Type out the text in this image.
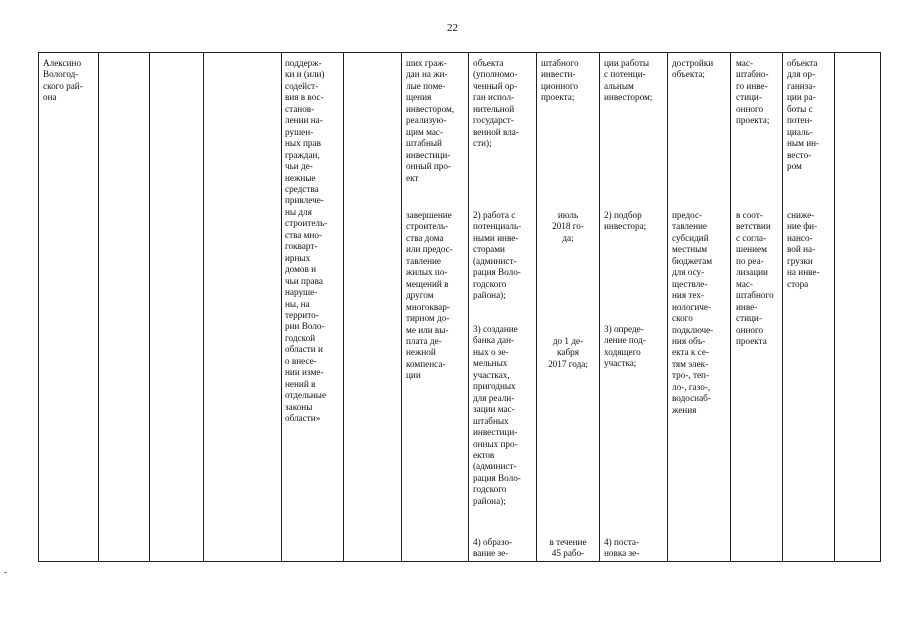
22
Алексино
Вологод-
ского рай-
она
поддерж-
ки и (или)
содейст-
вия в вос-
станов-
лении на-
рушен-
ных прав
граждан,
чьи де-
нежные
средства
привлече-
ны для
строитель-
ства мно-
гокварт-
ирных
домов и
чьи права
наруше-
ны, на
террито-
рии Воло-
годской
области и
о внесе-
нии изме-
нений в
отдельные
законы
области»
ших граж-
дан на жи-
лые поме-
щения
инвестором,
реализую-
щим мас-
штабный
инвестици-
онный про-
ект
завершение
строитель-
ства дома
или предос-
тавление
жилых по-
мещений в
другом
многоквар-
тирном до-
ме или вы-
плата де-
нежной
компенса-
ции
объекта
(уполномо-
ченный ор-
ган испол-
нительной
государст-
венной вла-
сти);
2) работа с
потенциаль-
ными инве-
сторами
(админист-
рация Воло-
годского
района);
3) создание
банка дан-
ных о зе-
мельных
участках,
пригодных
для реали-
зации мас-
штабных
инвестици-
онных про-
ектов
(админист-
рация Воло-
годского
района);
4) образо-
вание зе-
штабного
инвести-
ционного
проекта;
июль
2018 го-
да;
до 1 де-
кабря
2017 года;
в течение
45 рабо-
ции работы
с потенци-
альным
инвестором;
2) подбор
инвестора;
3) опреде-
ление под-
ходящего
участка;
4) поста-
новка зе-
достройки
объекта;
предос-
тавление
субсидий
местным
бюджетам
для осу-
ществле-
ния тех-
нологиче-
ского
подключе-
ния объ-
екта к се-
тям элек-
тро-, теп-
ло-, газо-,
водоснаб-
жения
мас-
штабно-
го инве-
стици-
онного
проекта;
в соот-
ветствии
с согла-
шением
по реа-
лизации
мас-
штабного
инве-
стици-
онного
проекта
объекта
для ор-
ганиза-
ции ра-
боты с
потен-
циаль-
ным ин-
весто-
ром
сниже-
ние фи-
нансо-
вой на-
грузки
на инве-
стора
